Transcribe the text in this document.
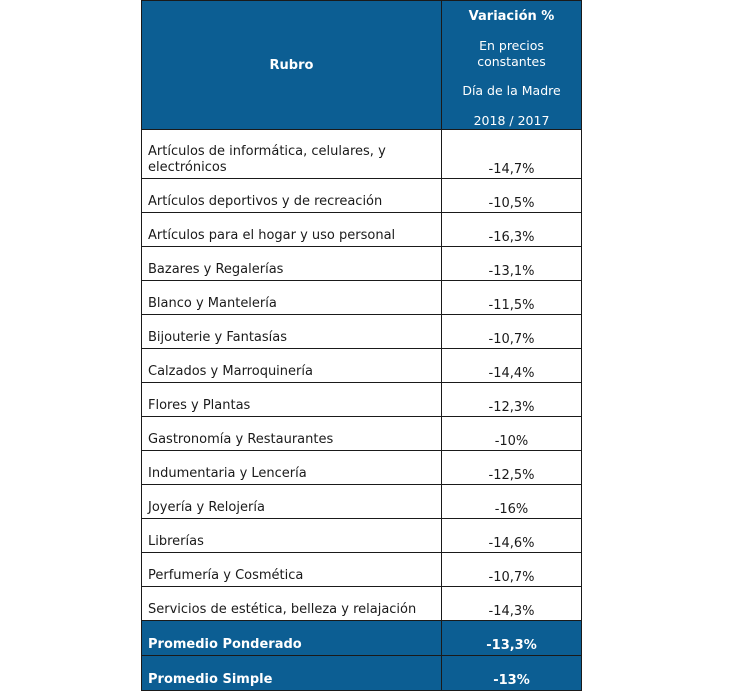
Rubro	Variación %
En precios
constantes
Día de la Madre
2018 / 2017

Artículos de informática, celulares, y electrónicos	-14,7%
Artículos deportivos y de recreación	-10,5%
Artículos para el hogar y uso personal	-16,3%
Bazares y Regalerías	-13,1%
Blanco y Mantelería	-11,5%
Bijouterie y Fantasías	-10,7%
Calzados y Marroquinería	-14,4%
Flores y Plantas	-12,3%
Gastronomía y Restaurantes	-10%
Indumentaria y Lencería	-12,5%
Joyería y Relojería	-16%
Librerías	-14,6%
Perfumería y Cosmética	-10,7%
Servicios de estética, belleza y relajación	-14,3%
Promedio Ponderado	-13,3%
Promedio Simple	-13%
